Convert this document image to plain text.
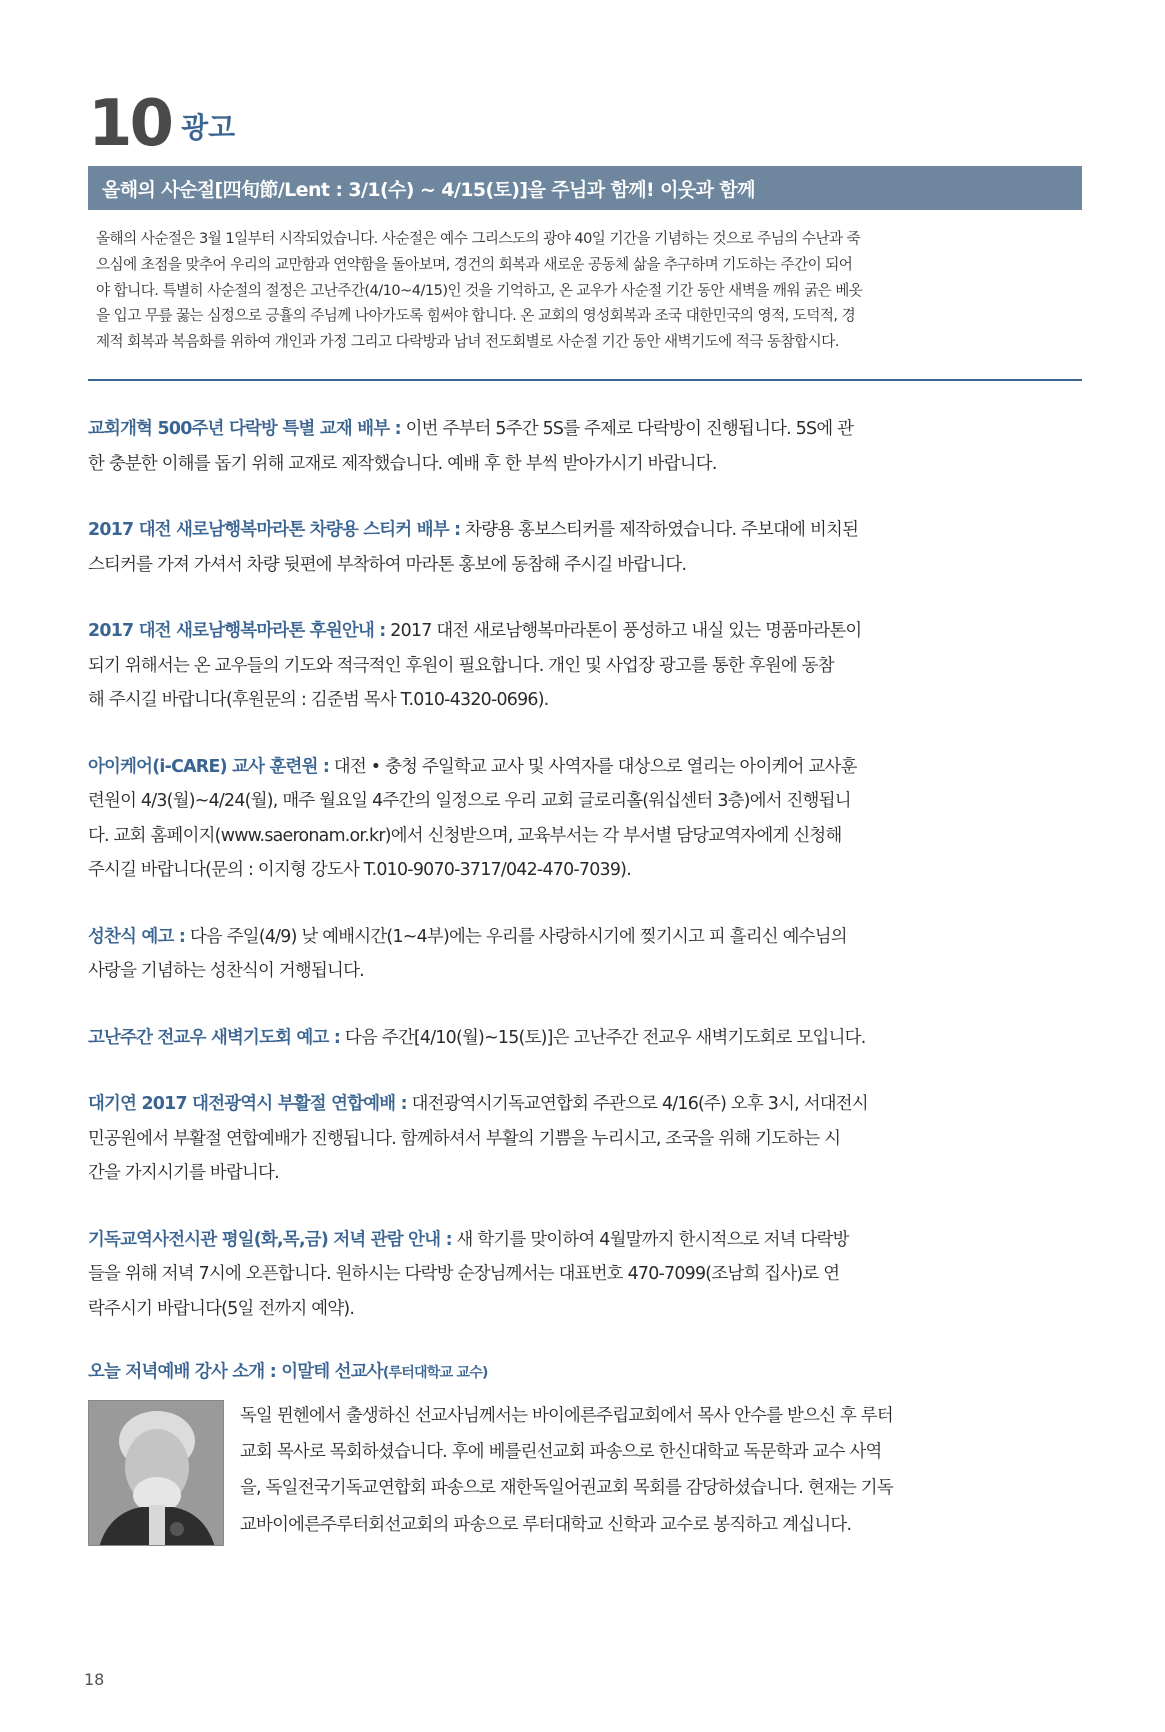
10 광고
올해의 사순절[四旬節/Lent : 3/1(수) ~ 4/15(토)]을 주님과 함께! 이웃과 함께
올해의 사순절은 3월 1일부터 시작되었습니다. 사순절은 예수 그리스도의 광야 40일 기간을 기념하는 것으로 주님의 수난과 죽
으심에 초점을 맞추어 우리의 교만함과 연약함을 돌아보며, 경건의 회복과 새로운 공동체 삶을 추구하며 기도하는 주간이 되어
야 합니다. 특별히 사순절의 절정은 고난주간(4/10~4/15)인 것을 기억하고, 온 교우가 사순절 기간 동안 새벽을 깨워 굵은 베옷
을 입고 무릎 꿇는 심정으로 긍휼의 주님께 나아가도록 힘써야 합니다. 온 교회의 영성회복과 조국 대한민국의 영적, 도덕적, 경
제적 회복과 복음화를 위하여 개인과 가정 그리고 다락방과 남녀 전도회별로 사순절 기간 동안 새벽기도에 적극 동참합시다.
교회개혁 500주년 다락방 특별 교재 배부 : 이번 주부터 5주간 5S를 주제로 다락방이 진행됩니다. 5S에 관
한 충분한 이해를 돕기 위해 교재로 제작했습니다. 예배 후 한 부씩 받아가시기 바랍니다.
2017 대전 새로남행복마라톤 차량용 스티커 배부 : 차량용 홍보스티커를 제작하였습니다. 주보대에 비치된
스티커를 가져 가셔서 차량 뒷편에 부착하여 마라톤 홍보에 동참해 주시길 바랍니다.
2017 대전 새로남행복마라톤 후원안내 : 2017 대전 새로남행복마라톤이 풍성하고 내실 있는 명품마라톤이
되기 위해서는 온 교우들의 기도와 적극적인 후원이 필요합니다. 개인 및 사업장 광고를 통한 후원에 동참
해 주시길 바랍니다(후원문의 : 김준범 목사 T.010-4320-0696).
아이케어(i-CARE) 교사 훈련원 : 대전 • 충청 주일학교 교사 및 사역자를 대상으로 열리는 아이케어 교사훈
련원이 4/3(월)~4/24(월), 매주 월요일 4주간의 일정으로 우리 교회 글로리홀(워십센터 3층)에서 진행됩니
다. 교회 홈페이지(www.saeronam.or.kr)에서 신청받으며, 교육부서는 각 부서별 담당교역자에게 신청해
주시길 바랍니다(문의 : 이지형 강도사 T.010-9070-3717/042-470-7039).
성찬식 예고 : 다음 주일(4/9) 낮 예배시간(1~4부)에는 우리를 사랑하시기에 찢기시고 피 흘리신 예수님의
사랑을 기념하는 성찬식이 거행됩니다.
고난주간 전교우 새벽기도회 예고 : 다음 주간[4/10(월)~15(토)]은 고난주간 전교우 새벽기도회로 모입니다.
대기연 2017 대전광역시 부활절 연합예배 : 대전광역시기독교연합회 주관으로 4/16(주) 오후 3시, 서대전시
민공원에서 부활절 연합예배가 진행됩니다. 함께하셔서 부활의 기쁨을 누리시고, 조국을 위해 기도하는 시
간을 가지시기를 바랍니다.
기독교역사전시관 평일(화,목,금) 저녁 관람 안내 : 새 학기를 맞이하여 4월말까지 한시적으로 저녁 다락방
들을 위해 저녁 7시에 오픈합니다. 원하시는 다락방 순장님께서는 대표번호 470-7099(조남희 집사)로 연
락주시기 바랍니다(5일 전까지 예약).
오늘 저녁예배 강사 소개 : 이말테 선교사(루터대학교 교수)
독일 뮌헨에서 출생하신 선교사님께서는 바이에른주립교회에서 목사 안수를 받으신 후 루터
교회 목사로 목회하셨습니다. 후에 베를린선교회 파송으로 한신대학교 독문학과 교수 사역
을, 독일전국기독교연합회 파송으로 재한독일어권교회 목회를 감당하셨습니다. 현재는 기독
교바이에른주루터회선교회의 파송으로 루터대학교 신학과 교수로 봉직하고 계십니다.
18
